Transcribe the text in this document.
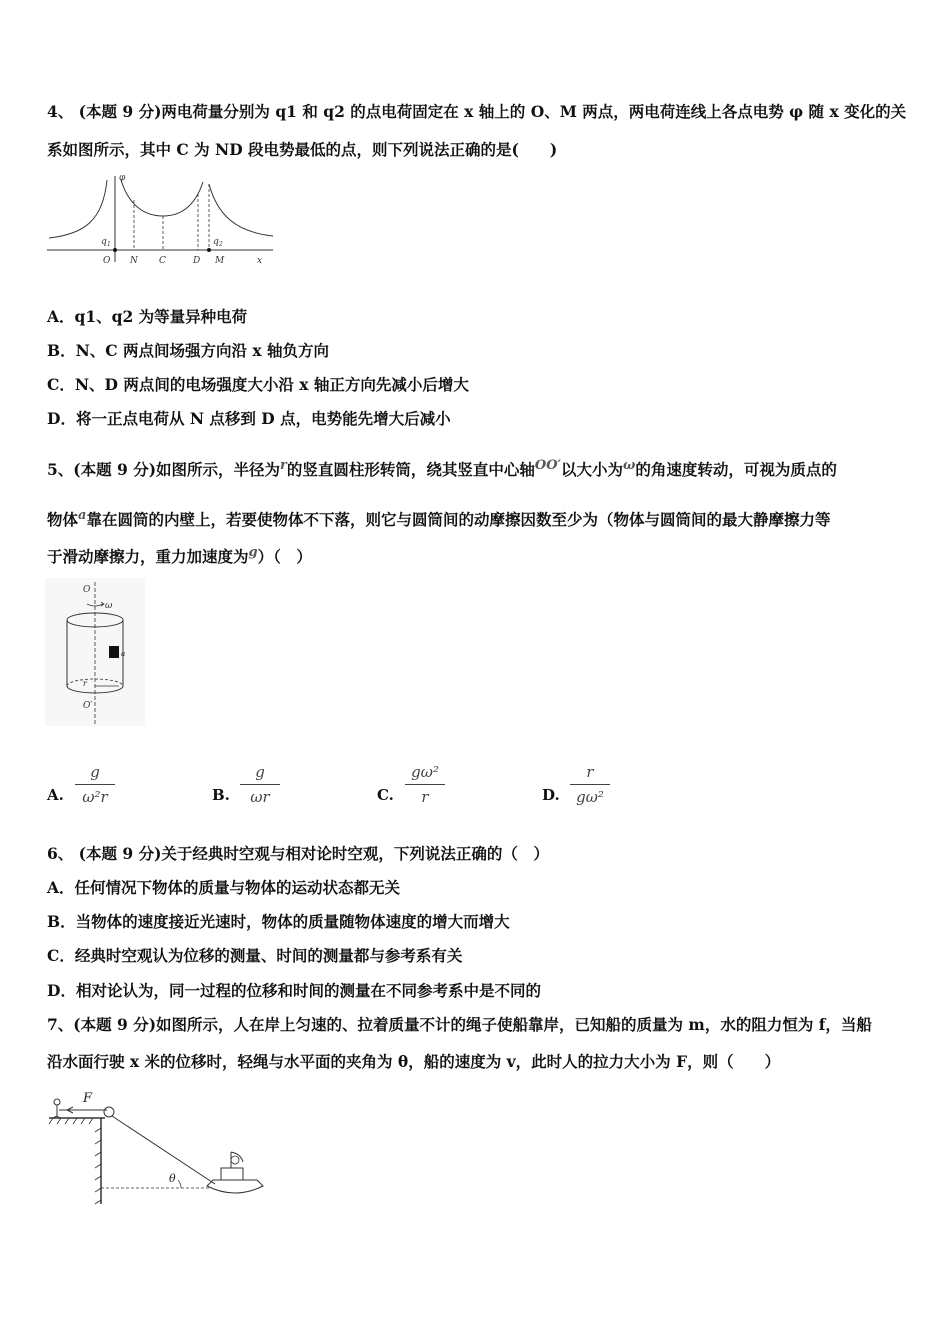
4、 (本题 9 分)两电荷量分别为 q1 和 q2 的点电荷固定在 x 轴上的 O、M 两点，两电荷连线上各点电势 φ 随 x 变化的关
系如图所示，其中 C 为 ND 段电势最低的点，则下列说法正确的是(　　)
φ
q 1	q 2
O N C	D M	x
A．q1、q2 为等量异种电荷
B．N、C 两点间场强方向沿 x 轴负方向
C．N、D 两点间的电场强度大小沿 x 轴正方向先减小后增大
D．将一正点电荷从 N 点移到 D 点，电势能先增大后减小
5、(本题 9 分)如图所示，半径为$^r$的竖直圆柱形转筒，绕其竖直中心轴$^{OO'}$以大小为$^\omega$的角速度转动，可视为质点的
物体$^a$靠在圆筒的内壁上，若要使物体不下落，则它与圆筒间的动摩擦因数至少为（物体与圆筒间的最大静摩擦力等
于滑动摩擦力，重力加速度为$^g$）（　）
O
ω
a
r
O′
A.
g
ω²r	B.
g
ωr	C.
gω²
r	D.
r
gω²
6、 (本题 9 分)关于经典时空观与相对论时空观，下列说法正确的（　）
A．任何情况下物体的质量与物体的运动状态都无关
B．当物体的速度接近光速时，物体的质量随物体速度的增大而增大
C．经典时空观认为位移的测量、时间的测量都与参考系有关
D．相对论认为，同一过程的位移和时间的测量在不同参考系中是不同的
7、(本题 9 分)如图所示，人在岸上匀速的、拉着质量不计的绳子使船靠岸，已知船的质量为 m，水的阻力恒为 f，当船
沿水面行驶 x 米的位移时，轻绳与水平面的夹角为 θ，船的速度为 v，此时人的拉力大小为 F，则（　　）
F
θ
